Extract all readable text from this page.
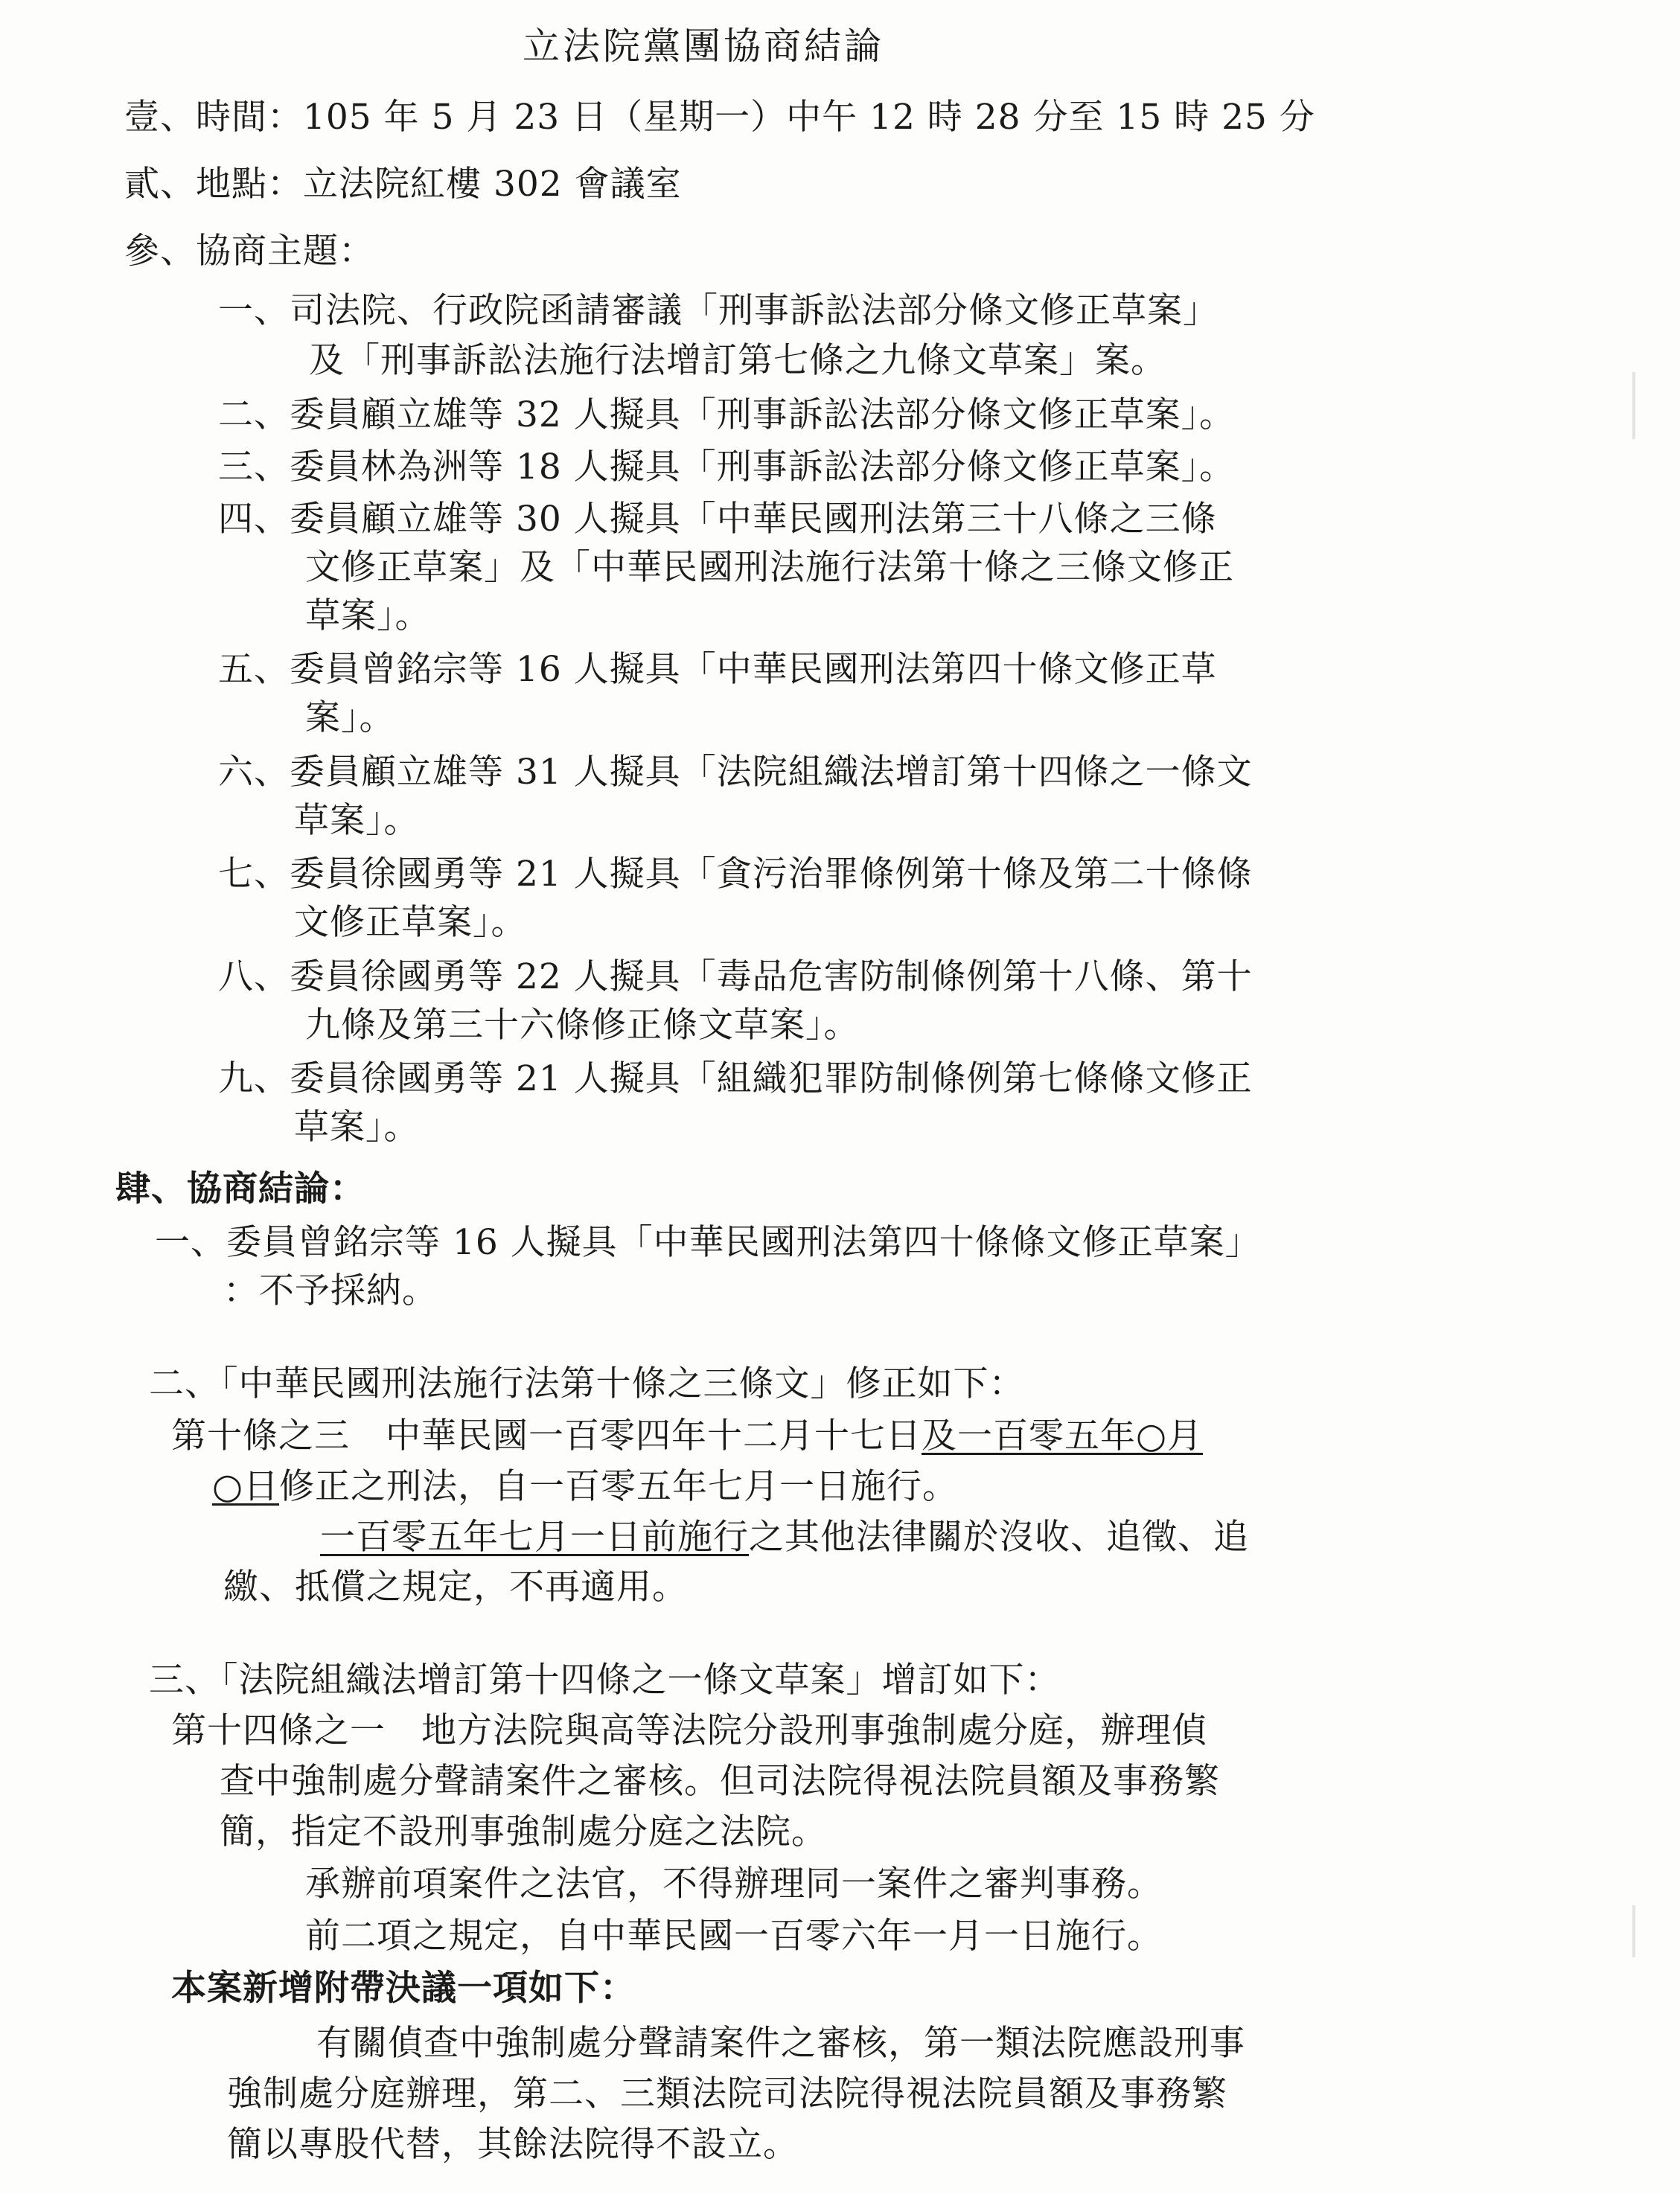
立法院黨團協商結論

壹、時間：105 年 5 月 23 日（星期一）中午 12 時 28 分至 15 時 25 分

貳、地點：立法院紅樓 302 會議室

參、協商主題：

一、司法院、行政院函請審議「刑事訴訟法部分條文修正草案」

及「刑事訴訟法施行法增訂第七條之九條文草案」案。

二、委員顧立雄等 32 人擬具「刑事訴訟法部分條文修正草案」。

三、委員林為洲等 18 人擬具「刑事訴訟法部分條文修正草案」。

四、委員顧立雄等 30 人擬具「中華民國刑法第三十八條之三條

文修正草案」及「中華民國刑法施行法第十條之三條文修正

草案」。

五、委員曾銘宗等 16 人擬具「中華民國刑法第四十條文修正草

案」。

六、委員顧立雄等 31 人擬具「法院組織法增訂第十四條之一條文

草案」。

七、委員徐國勇等 21 人擬具「貪污治罪條例第十條及第二十條條

文修正草案」。

八、委員徐國勇等 22 人擬具「毒品危害防制條例第十八條、第十

九條及第三十六條修正條文草案」。

九、委員徐國勇等 21 人擬具「組織犯罪防制條例第七條條文修正

草案」。

肆、協商結論：

一、委員曾銘宗等 16 人擬具「中華民國刑法第四十條條文修正草案」

：不予採納。

二、「中華民國刑法施行法第十條之三條文」修正如下：

第十條之三　中華民國一百零四年十二月十七日及一百零五年○月

○日修正之刑法，自一百零五年七月一日施行。

一百零五年七月一日前施行之其他法律關於沒收、追徵、追

繳、抵償之規定，不再適用。

三、「法院組織法增訂第十四條之一條文草案」增訂如下：

第十四條之一　地方法院與高等法院分設刑事強制處分庭，辦理偵

查中強制處分聲請案件之審核。但司法院得視法院員額及事務繁

簡，指定不設刑事強制處分庭之法院。

承辦前項案件之法官，不得辦理同一案件之審判事務。

前二項之規定，自中華民國一百零六年一月一日施行。

本案新增附帶決議一項如下：

有關偵查中強制處分聲請案件之審核，第一類法院應設刑事

強制處分庭辦理，第二、三類法院司法院得視法院員額及事務繁

簡以專股代替，其餘法院得不設立。
